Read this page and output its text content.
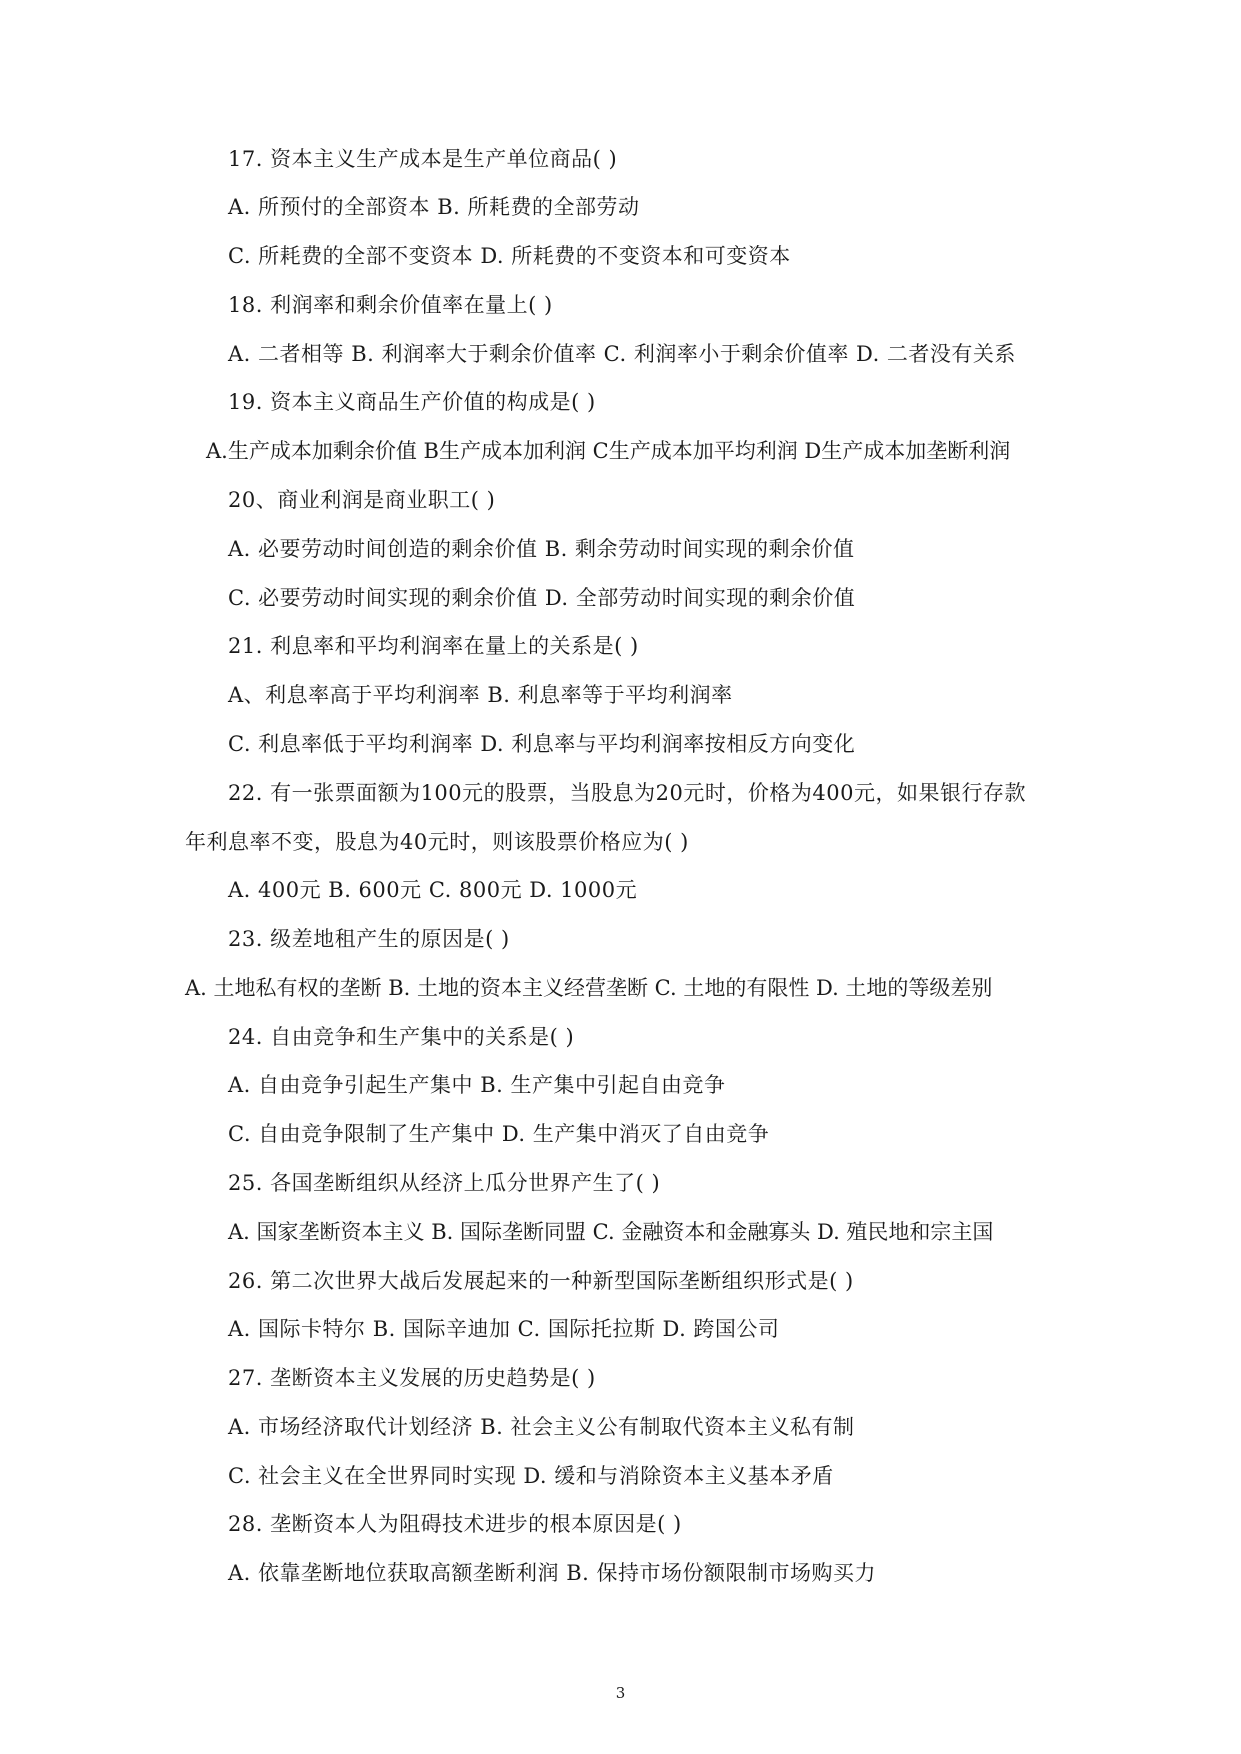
17. 资本主义生产成本是生产单位商品( )
A. 所预付的全部资本 B. 所耗费的全部劳动
C. 所耗费的全部不变资本 D. 所耗费的不变资本和可变资本
18. 利润率和剩余价值率在量上( )
A. 二者相等 B. 利润率大于剩余价值率 C. 利润率小于剩余价值率 D. 二者没有关系
19. 资本主义商品生产价值的构成是( )
A.生产成本加剩余价值 B生产成本加利润 C生产成本加平均利润 D生产成本加垄断利润
20、商业利润是商业职工( )
A. 必要劳动时间创造的剩余价值 B. 剩余劳动时间实现的剩余价值
C. 必要劳动时间实现的剩余价值 D. 全部劳动时间实现的剩余价值
21. 利息率和平均利润率在量上的关系是( )
A、利息率高于平均利润率 B. 利息率等于平均利润率
C. 利息率低于平均利润率 D. 利息率与平均利润率按相反方向变化
22. 有一张票面额为100元的股票，当股息为20元时，价格为400元，如果银行存款
年利息率不变，股息为40元时，则该股票价格应为( )
A. 400元 B. 600元 C. 800元 D. 1000元
23. 级差地租产生的原因是( )
A. 土地私有权的垄断 B. 土地的资本主义经营垄断 C. 土地的有限性 D. 土地的等级差别
24. 自由竞争和生产集中的关系是( )
A. 自由竞争引起生产集中 B. 生产集中引起自由竞争
C. 自由竞争限制了生产集中 D. 生产集中消灭了自由竞争
25. 各国垄断组织从经济上瓜分世界产生了( )
A. 国家垄断资本主义 B. 国际垄断同盟 C. 金融资本和金融寡头 D. 殖民地和宗主国
26. 第二次世界大战后发展起来的一种新型国际垄断组织形式是( )
A. 国际卡特尔 B. 国际辛迪加 C. 国际托拉斯 D. 跨国公司
27. 垄断资本主义发展的历史趋势是( )
A. 市场经济取代计划经济 B. 社会主义公有制取代资本主义私有制
C. 社会主义在全世界同时实现 D. 缓和与消除资本主义基本矛盾
28. 垄断资本人为阻碍技术进步的根本原因是( )
A. 依靠垄断地位获取高额垄断利润 B. 保持市场份额限制市场购买力
3
